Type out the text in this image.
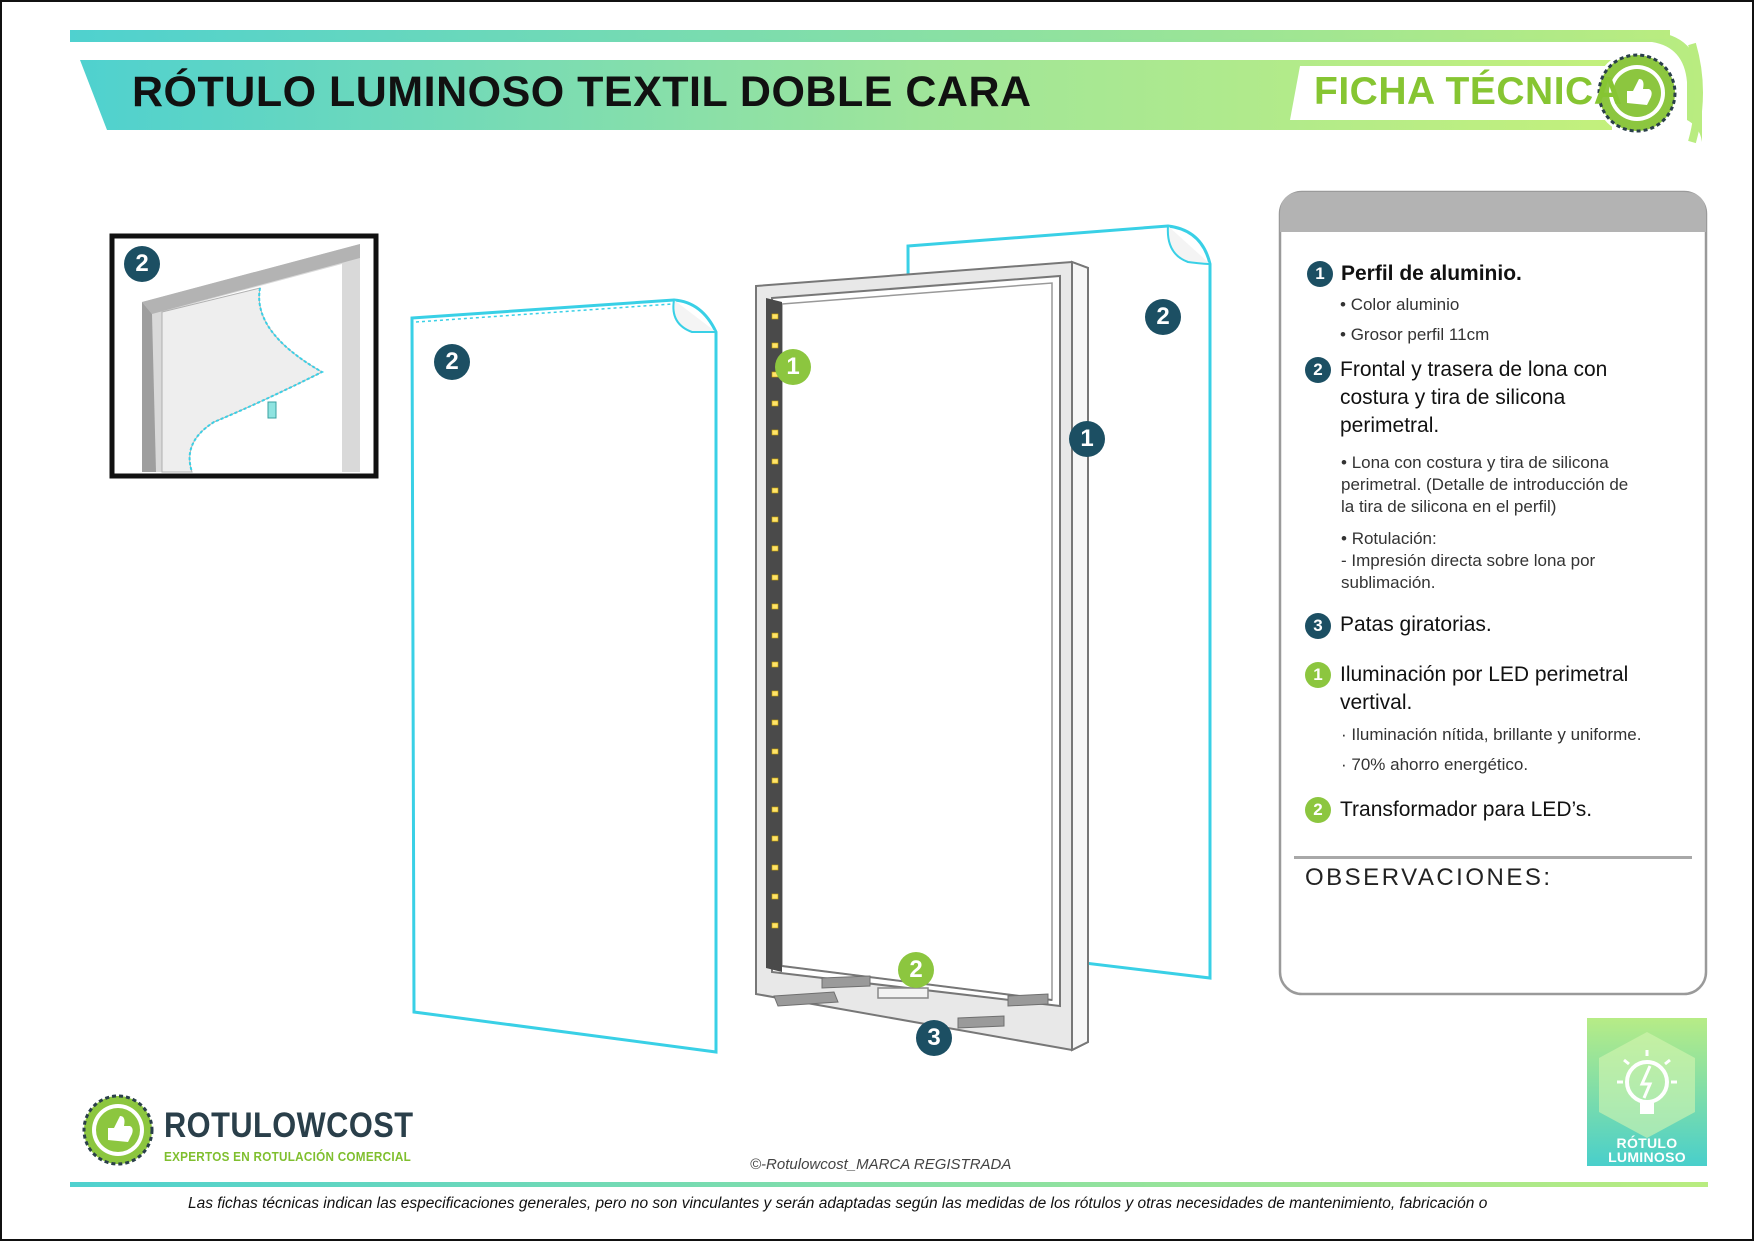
RÓTULO LUMINOSO TEXTIL DOBLE CARA	FICHA TÉCNICA
2
2
2
1
1
2
3
1 Perfil de aluminio.
• Color aluminio
• Grosor perfil 11cm
2 Frontal y trasera de lona con
costura y tira de silicona
perimetral.
• Lona con costura y tira de silicona
perimetral. (Detalle de introducción de
la tira de silicona en el perfil)
• Rotulación:
- Impresión directa sobre lona por
sublimación.
3 Patas giratorias.
1 Iluminación por LED perimetral
vertival.
· Iluminación nítida, brillante y uniforme.
· 70% ahorro energético.
2 Transformador para LED’s.
OBSERVACIONES:
ROTULOWCOST
EXPERTOS EN ROTULACIÓN COMERCIAL	©-Rotulowcost_MARCA REGISTRADA
RÓTULO
LUMINOSO
Las fichas técnicas indican las especificaciones generales, pero no son vinculantes y serán adaptadas según las medidas de los rótulos y otras necesidades de mantenimiento, fabricación o
